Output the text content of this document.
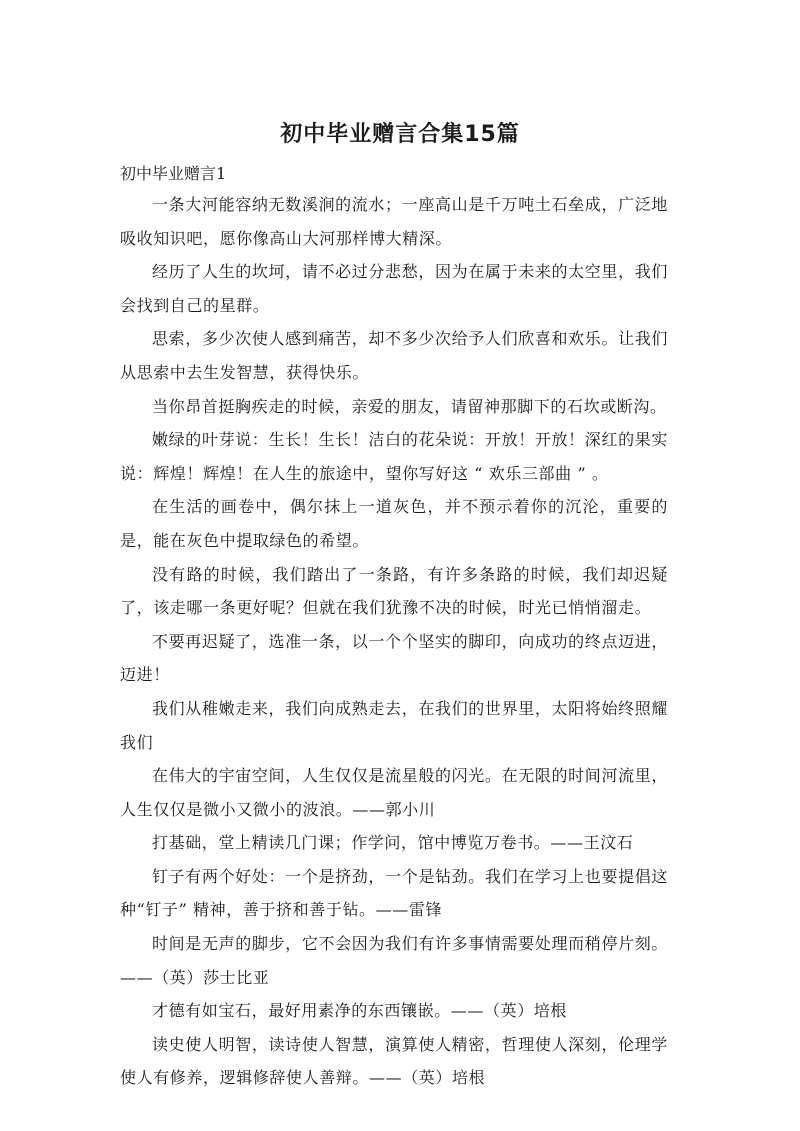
初中毕业赠言合集15篇

初中毕业赠言1

一条大河能容纳无数溪涧的流水；一座高山是千万吨土石垒成，广泛地吸收知识吧，愿你像高山大河那样博大精深。

经历了人生的坎坷，请不必过分悲愁，因为在属于未来的太空里，我们会找到自己的星群。

思索，多少次使人感到痛苦，却不多少次给予人们欣喜和欢乐。让我们从思索中去生发智慧，获得快乐。

当你昂首挺胸疾走的时候，亲爱的朋友，请留神那脚下的石坎或断沟。

嫩绿的叶芽说：生长！生长！洁白的花朵说：开放！开放！深红的果实说：辉煌！辉煌！在人生的旅途中，望你写好这 “ 欢乐三部曲 ” 。

在生活的画卷中，偶尔抹上一道灰色，并不预示着你的沉沦，重要的是，能在灰色中提取绿色的希望。

没有路的时候，我们踏出了一条路，有许多条路的时候，我们却迟疑了，该走哪一条更好呢？但就在我们犹豫不决的时候，时光已悄悄溜走。

不要再迟疑了，选准一条，以一个个坚实的脚印，向成功的终点迈进，迈进！

我们从稚嫩走来，我们向成熟走去，在我们的世界里，太阳将始终照耀我们

在伟大的宇宙空间，人生仅仅是流星般的闪光。在无限的时间河流里，人生仅仅是微小又微小的波浪。——郭小川

打基础，堂上精读几门课；作学问，馆中博览万卷书。——王汶石

钉子有两个好处：一个是挤劲，一个是钻劲。我们在学习上也要提倡这种“钉子” 精神，善于挤和善于钻。——雷锋

时间是无声的脚步，它不会因为我们有许多事情需要处理而稍停片刻。——（英）莎士比亚

才德有如宝石，最好用素净的东西镶嵌。——（英）培根

读史使人明智，读诗使人智慧，演算使人精密，哲理使人深刻，伦理学使人有修养，逻辑修辞使人善辩。——（英）培根
